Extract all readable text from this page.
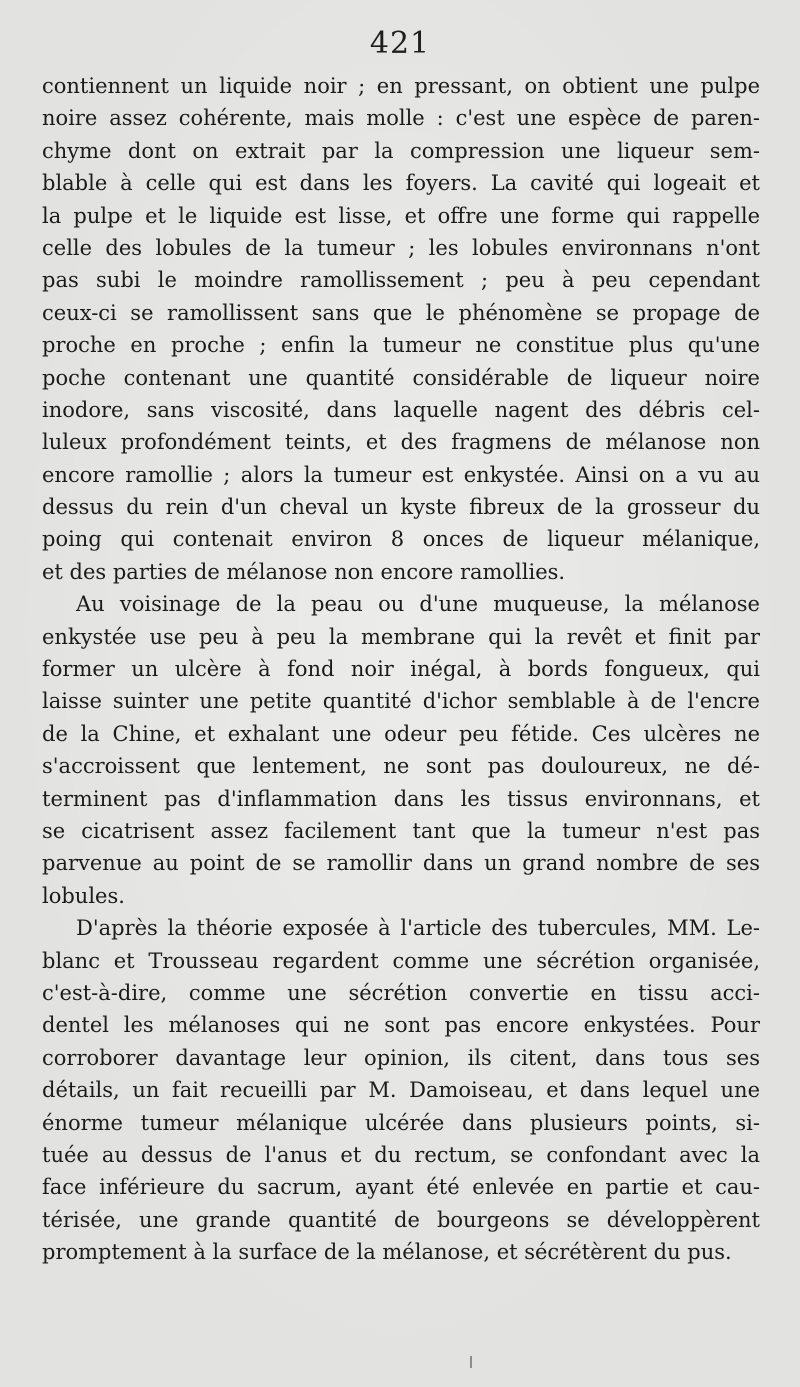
421
contiennent un liquide noir ; en pressant, on obtient une pulpe
noire assez cohérente, mais molle : c'est une espèce de paren-
chyme dont on extrait par la compression une liqueur sem-
blable à celle qui est dans les foyers. La cavité qui logeait et
la pulpe et le liquide est lisse, et offre une forme qui rappelle
celle des lobules de la tumeur ; les lobules environnans n'ont
pas subi le moindre ramollissement ; peu à peu cependant
ceux-ci se ramollissent sans que le phénomène se propage de
proche en proche ; enfin la tumeur ne constitue plus qu'une
poche contenant une quantité considérable de liqueur noire
inodore, sans viscosité, dans laquelle nagent des débris cel-
luleux profondément teints, et des fragmens de mélanose non
encore ramollie ; alors la tumeur est enkystée. Ainsi on a vu au
dessus du rein d'un cheval un kyste fibreux de la grosseur du
poing qui contenait environ 8 onces de liqueur mélanique,
et des parties de mélanose non encore ramollies.
Au voisinage de la peau ou d'une muqueuse, la mélanose
enkystée use peu à peu la membrane qui la revêt et finit par
former un ulcère à fond noir inégal, à bords fongueux, qui
laisse suinter une petite quantité d'ichor semblable à de l'encre
de la Chine, et exhalant une odeur peu fétide. Ces ulcères ne
s'accroissent que lentement, ne sont pas douloureux, ne dé-
terminent pas d'inflammation dans les tissus environnans, et
se cicatrisent assez facilement tant que la tumeur n'est pas
parvenue au point de se ramollir dans un grand nombre de ses
lobules.
D'après la théorie exposée à l'article des tubercules, MM. Le-
blanc et Trousseau regardent comme une sécrétion organisée,
c'est-à-dire, comme une sécrétion convertie en tissu acci-
dentel les mélanoses qui ne sont pas encore enkystées. Pour
corroborer davantage leur opinion, ils citent, dans tous ses
détails, un fait recueilli par M. Damoiseau, et dans lequel une
énorme tumeur mélanique ulcérée dans plusieurs points, si-
tuée au dessus de l'anus et du rectum, se confondant avec la
face inférieure du sacrum, ayant été enlevée en partie et cau-
térisée, une grande quantité de bourgeons se développèrent
promptement à la surface de la mélanose, et sécrétèrent du pus.
